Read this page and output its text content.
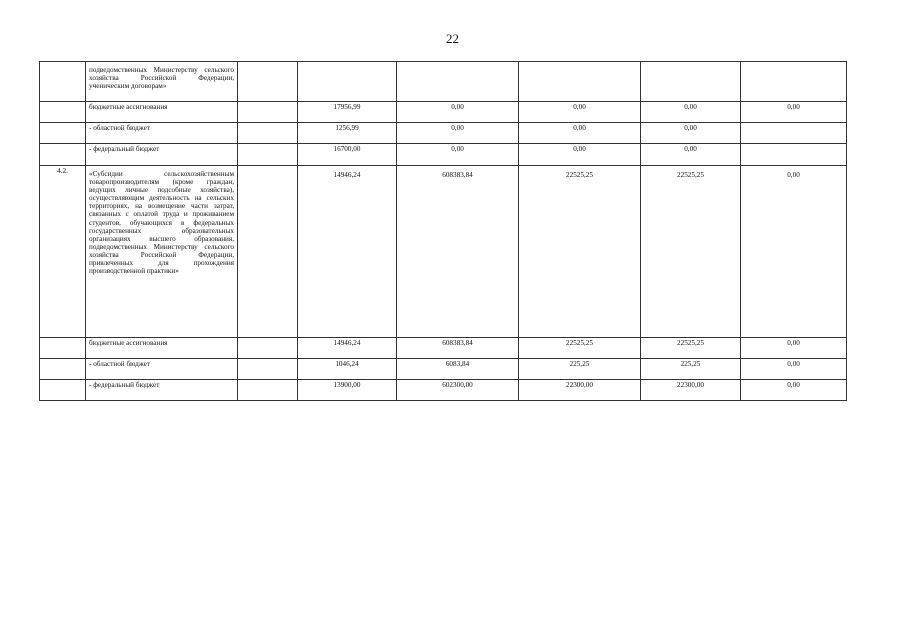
22
	подведомственных Министерству сельского хозяйства Российской Федерации, ученическим договорам»						
	бюджетные ассигнования		17956,99	0,00	0,00	0,00	0,00
	- областной бюджет		1256,99	0,00	0,00	0,00	
	- федеральный бюджет		16700,00	0,00	0,00	0,00	
4.2.	«Субсидии сельскохозяйственным товаропроизводителям (кроме граждан, ведущих личные подсобные хозяйства), осуществляющим деятельность на сельских территориях, на возмещение части затрат, связанных с оплатой труда и проживанием студентов, обучающихся в федеральных государственных образовательных организациях высшего образования, подведомственных Министерству сельского хозяйства Российской Федерации, привлеченных для прохождения производственной практики»		14946,24	608383,84	22525,25	22525,25	0,00
	бюджетные ассигнования		14946,24	608383,84	22525,25	22525,25	0,00
	- областной бюджет		1046,24	6083,84	225,25	225,25	0,00
	- федеральный бюджет		13900,00	602300,00	22300,00	22300,00	0,00
